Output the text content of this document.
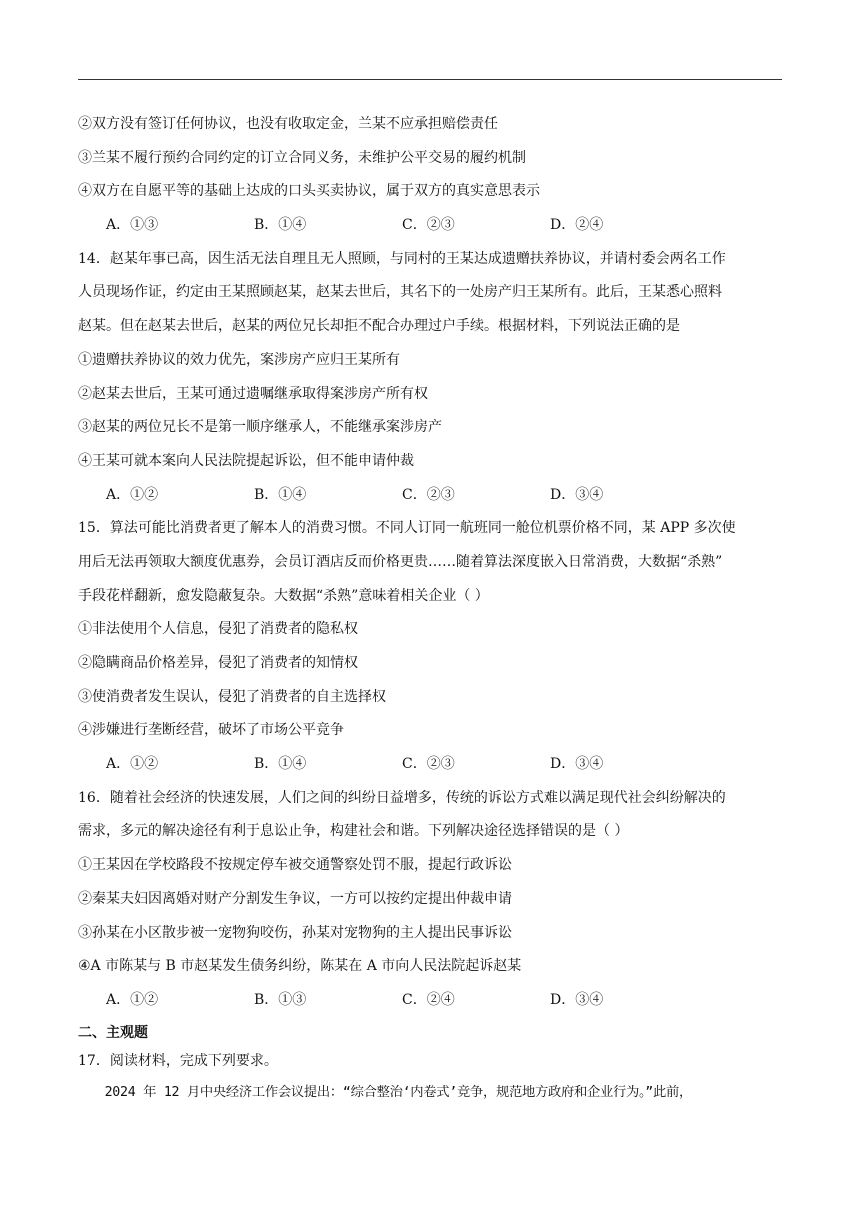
②双方没有签订任何协议，也没有收取定金，兰某不应承担赔偿责任
③兰某不履行预约合同约定的订立合同义务，未维护公平交易的履约机制
④双方在自愿平等的基础上达成的口头买卖协议，属于双方的真实意思表示
A．①③	B．①④	C．②③	D．②④
14．赵某年事已高，因生活无法自理且无人照顾，与同村的王某达成遗赠扶养协议，并请村委会两名工作
人员现场作证，约定由王某照顾赵某，赵某去世后，其名下的一处房产归王某所有。此后，王某悉心照料
赵某。但在赵某去世后，赵某的两位兄长却拒不配合办理过户手续。根据材料，下列说法正确的是
①遗赠扶养协议的效力优先，案涉房产应归王某所有
②赵某去世后，王某可通过遗嘱继承取得案涉房产所有权
③赵某的两位兄长不是第一顺序继承人，不能继承案涉房产
④王某可就本案向人民法院提起诉讼，但不能申请仲裁
A．①②	B．①④	C．②③	D．③④
15．算法可能比消费者更了解本人的消费习惯。不同人订同一航班同一舱位机票价格不同，某 APP 多次使
用后无法再领取大额度优惠券，会员订酒店反而价格更贵……随着算法深度嵌入日常消费，大数据“杀熟”
手段花样翻新，愈发隐蔽复杂。大数据“杀熟”意味着相关企业（ ）
①非法使用个人信息，侵犯了消费者的隐私权
②隐瞒商品价格差异，侵犯了消费者的知情权
③使消费者发生误认，侵犯了消费者的自主选择权
④涉嫌进行垄断经营，破坏了市场公平竞争
A．①②	B．①④	C．②③	D．③④
16．随着社会经济的快速发展，人们之间的纠纷日益增多，传统的诉讼方式难以满足现代社会纠纷解决的
需求，多元的解决途径有利于息讼止争，构建社会和谐。下列解决途径选择错误的是（ ）
①王某因在学校路段不按规定停车被交通警察处罚不服，提起行政诉讼
②秦某夫妇因离婚对财产分割发生争议，一方可以按约定提出仲裁申请
③孙某在小区散步被一宠物狗咬伤，孙某对宠物狗的主人提出民事诉讼
④A 市陈某与 B 市赵某发生债务纠纷，陈某在 A 市向人民法院起诉赵某
A．①②	B．①③	C．②④	D．③④
二、主观题
17．阅读材料，完成下列要求。
2024 年 12 月中央经济工作会议提出：“综合整治‘内卷式’竞争，规范地方政府和企业行为。”此前，
